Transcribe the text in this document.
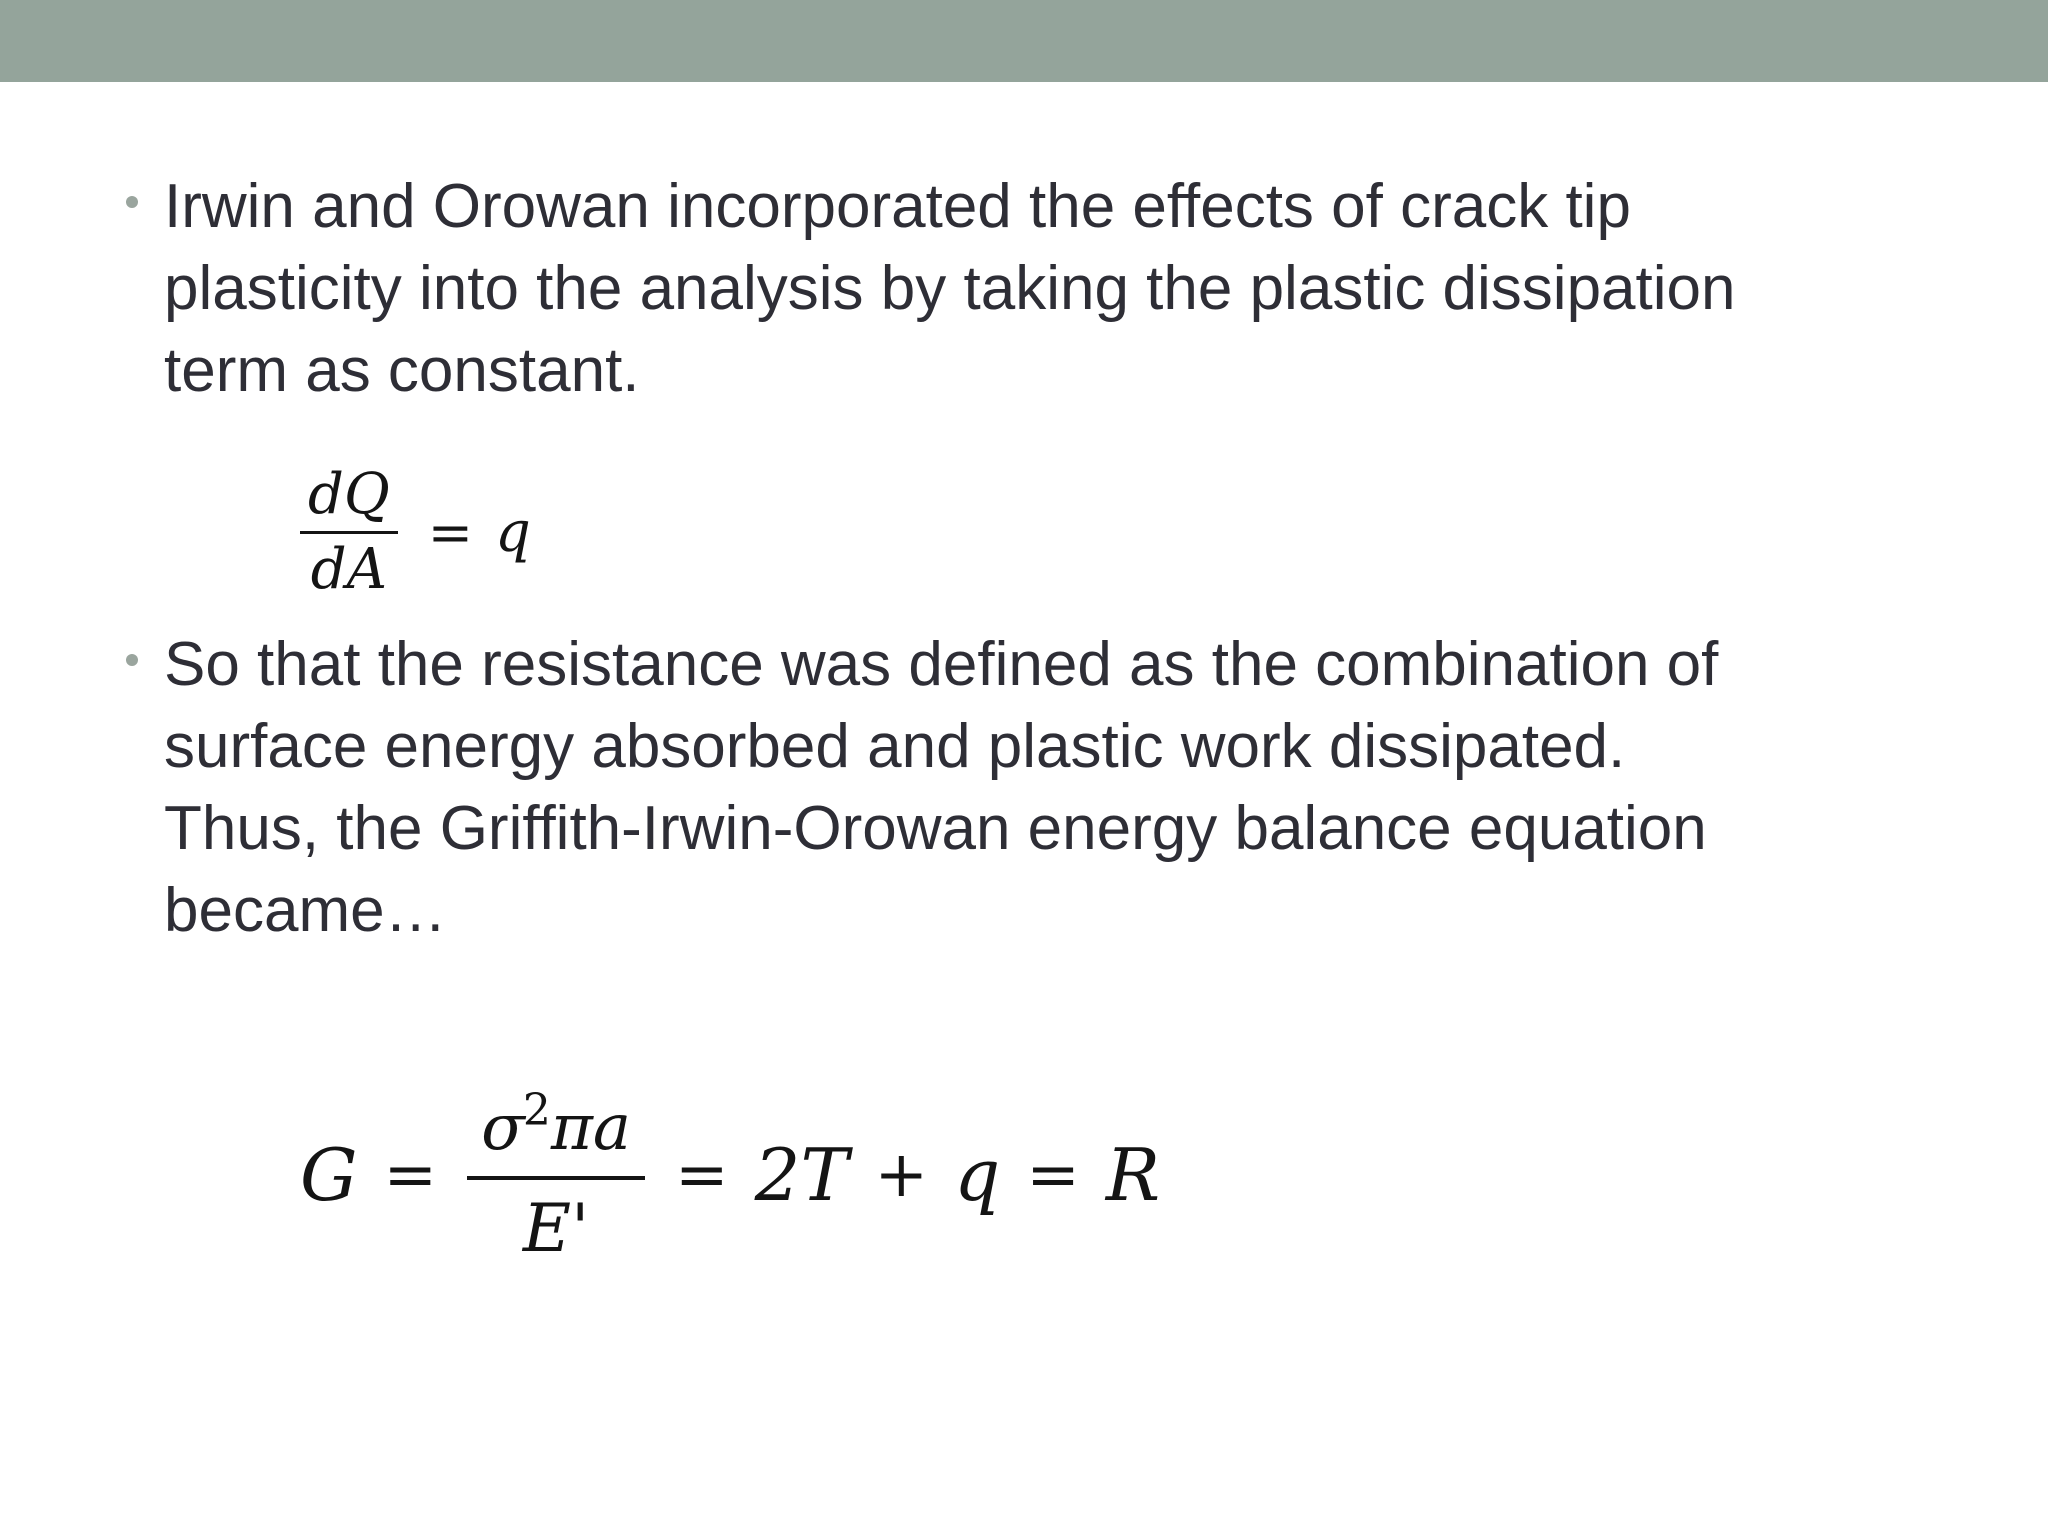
Irwin and Orowan incorporated the effects of crack tip
plasticity into the analysis by taking the plastic dissipation
term as constant.
$\frac{dQ}{dA} = q$
So that the resistance was defined as the combination of
surface energy absorbed and plastic work dissipated.
Thus, the Griffith-Irwin-Orowan energy balance equation
became…
$G = \frac{\sigma^2\pi a}{E'} = 2T + q = R$
